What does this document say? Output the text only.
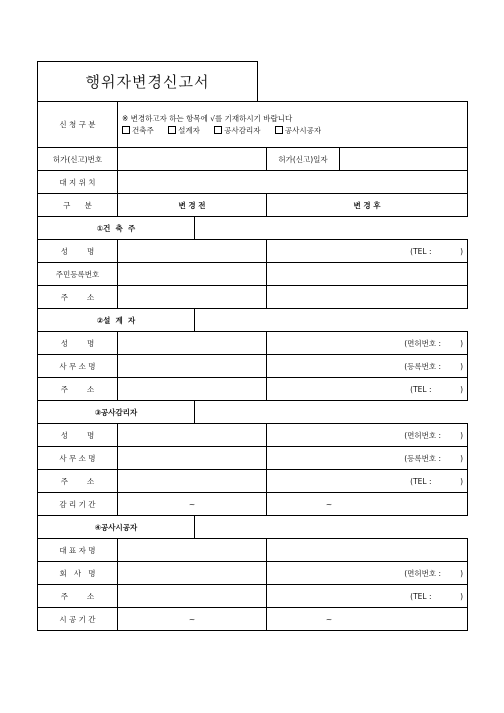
행위자변경신고서
신 청 구 분	※ 변경하고자 하는 항목에 √를 기재하시기 바랍니다
건축주 설계자 공사감리자 공사시공자			

허가(신고)번호			허가(신고)일자	
대 지 위 치				
구      분	변 경 전		변 경 후	
①건  축  주				
성        명			(TEL :            )	
주민등록번호				
주        소				
②설  계  자				
성        명			(면허번호 :        )	
사 무 소 명			(등록번호 :        )	
주        소			(TEL :            )	
③공사감리자				
성        명			(면허번호 :        )	
사 무 소 명			(등록번호 :        )	
주        소			(TEL :            )	
감 리 기 간	~		~	
④공사시공자				
대 표 자 명				
회   사   명			(면허번호 :        )	
주        소			(TEL :            )	
시 공 기 간	~		~	
